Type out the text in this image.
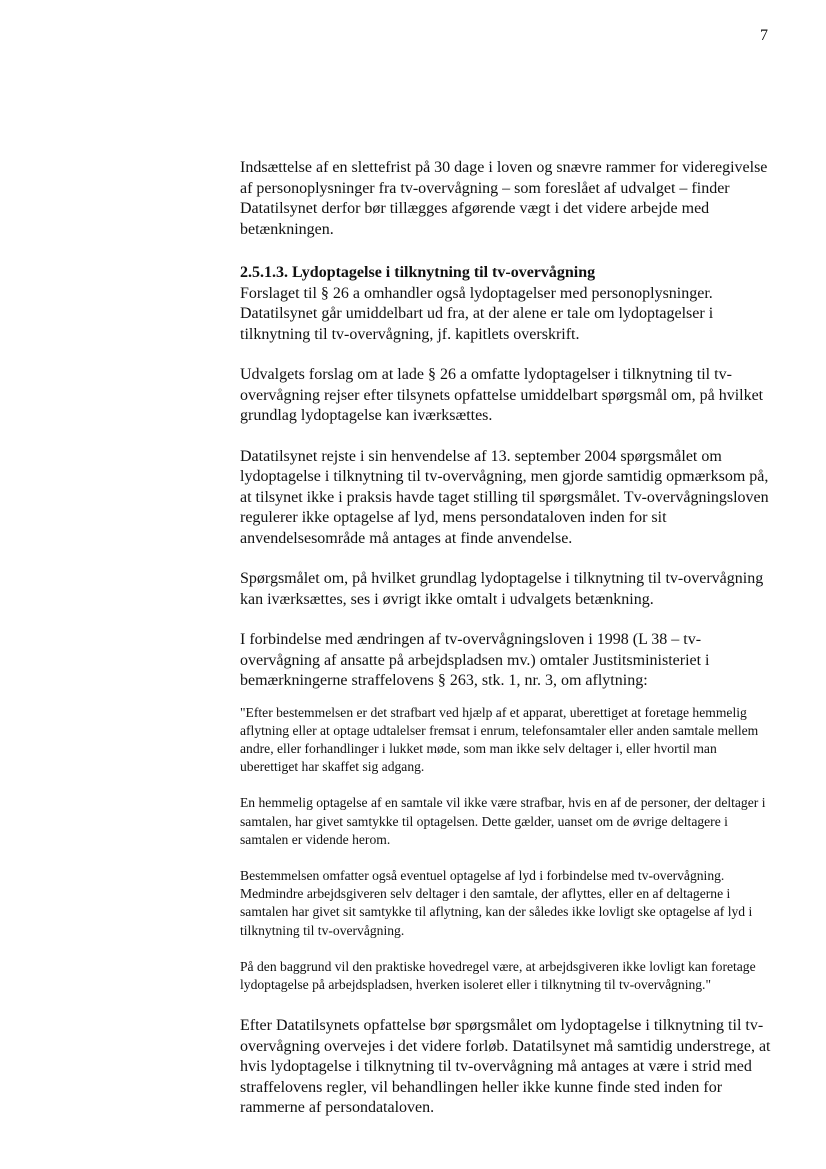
7

Indsættelse af en slettefrist på 30 dage i loven og snævre rammer for videregivelse af personoplysninger fra tv-overvågning – som foreslået af udvalget – finder Datatilsynet derfor bør tillægges afgørende vægt i det videre arbejde med betænkningen.

2.5.1.3. Lydoptagelse i tilknytning til tv-overvågning

Forslaget til § 26 a omhandler også lydoptagelser med personoplysninger. Datatilsynet går umiddelbart ud fra, at der alene er tale om lydoptagelser i tilknytning til tv-overvågning, jf. kapitlets overskrift.

Udvalgets forslag om at lade § 26 a omfatte lydoptagelser i tilknytning til tv-overvågning rejser efter tilsynets opfattelse umiddelbart spørgsmål om, på hvilket grundlag lydoptagelse kan iværksættes.

Datatilsynet rejste i sin henvendelse af 13. september 2004 spørgsmålet om lydoptagelse i tilknytning til tv-overvågning, men gjorde samtidig opmærksom på, at tilsynet ikke i praksis havde taget stilling til spørgsmålet. Tv-overvågningsloven regulerer ikke optagelse af lyd, mens persondataloven inden for sit anvendelsesområde må antages at finde anvendelse.

Spørgsmålet om, på hvilket grundlag lydoptagelse i tilknytning til tv-overvågning kan iværksættes, ses i øvrigt ikke omtalt i udvalgets betænkning.

I forbindelse med ændringen af tv-overvågningsloven i 1998 (L 38 – tv-overvågning af ansatte på arbejdspladsen mv.) omtaler Justitsministeriet i bemærkningerne straffelovens § 263, stk. 1, nr. 3, om aflytning:

"Efter bestemmelsen er det strafbart ved hjælp af et apparat, uberettiget at foretage hemmelig aflytning eller at optage udtalelser fremsat i enrum, telefonsamtaler eller anden samtale mellem andre, eller forhandlinger i lukket møde, som man ikke selv deltager i, eller hvortil man uberettiget har skaffet sig adgang.

En hemmelig optagelse af en samtale vil ikke være strafbar, hvis en af de personer, der deltager i samtalen, har givet samtykke til optagelsen. Dette gælder, uanset om de øvrige deltagere i samtalen er vidende herom.

Bestemmelsen omfatter også eventuel optagelse af lyd i forbindelse med tv-overvågning. Medmindre arbejdsgiveren selv deltager i den samtale, der aflyttes, eller en af deltagerne i samtalen har givet sit samtykke til aflytning, kan der således ikke lovligt ske optagelse af lyd i tilknytning til tv-overvågning.

På den baggrund vil den praktiske hovedregel være, at arbejdsgiveren ikke lovligt kan foretage lydoptagelse på arbejdspladsen, hverken isoleret eller i tilknytning til tv-overvågning."

Efter Datatilsynets opfattelse bør spørgsmålet om lydoptagelse i tilknytning til tv-overvågning overvejes i det videre forløb. Datatilsynet må samtidig understrege, at hvis lydoptagelse i tilknytning til tv-overvågning må antages at være i strid med straffelovens regler, vil behandlingen heller ikke kunne finde sted inden for rammerne af persondataloven.
